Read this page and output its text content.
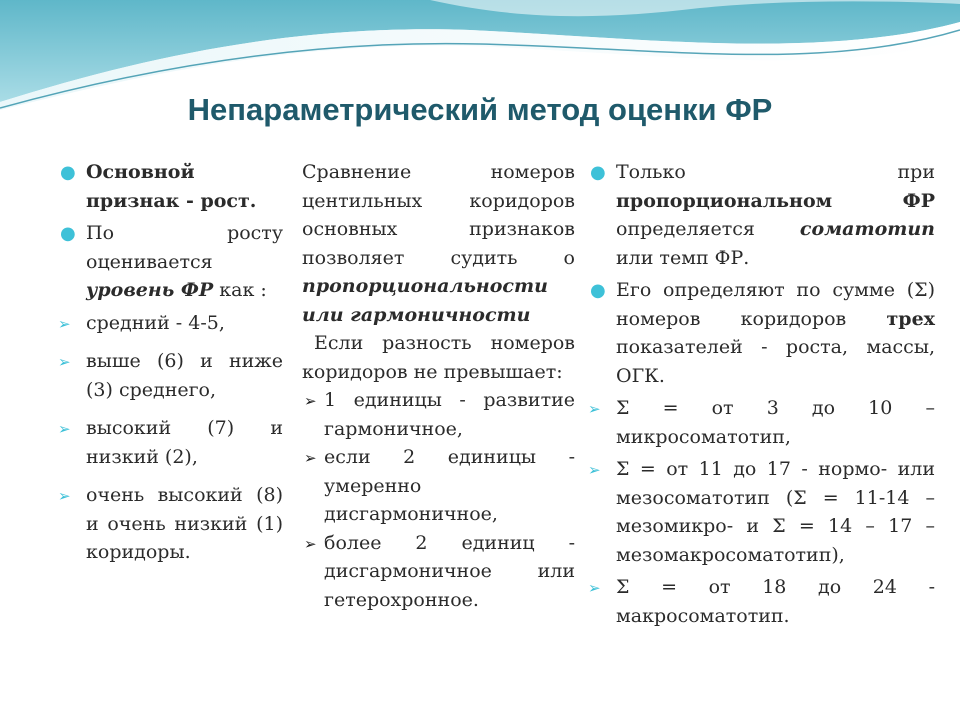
Непараметрический метод оценки ФР
● Основной
признак - рост.
● По росту оценивается уровень ФР как :
➢ средний - 4-5,
➢ выше (6) и ниже (3) среднего,
➢ высокий (7) и низкий (2),
➢ очень высокий (8) и очень низкий (1) коридоры.
Сравнение номеров центильных коридоров основных признаков позволяет судить о пропорциональности или гармоничности
Если разность номеров коридоров не превышает:
➢ 1 единицы - развитие гармоничное,
➢ если 2 единицы - умеренно дисгармоничное,
➢ более 2 единиц - дисгармоничное или гетерохронное.
● Только при пропорциональном ФР определяется соматотип или темп ФР.
● Его определяют по сумме (Σ) номеров коридоров трех показателей - роста, массы, ОГК.
➢ Σ = от 3 до 10 – микросоматотип,
➢ Σ = от 11 до 17 - нормо- или мезосоматотип (Σ = 11-14 – мезомикро- и Σ = 14 – 17 – мезомакросоматотип),
➢ Σ = от 18 до 24 - макросоматотип.
